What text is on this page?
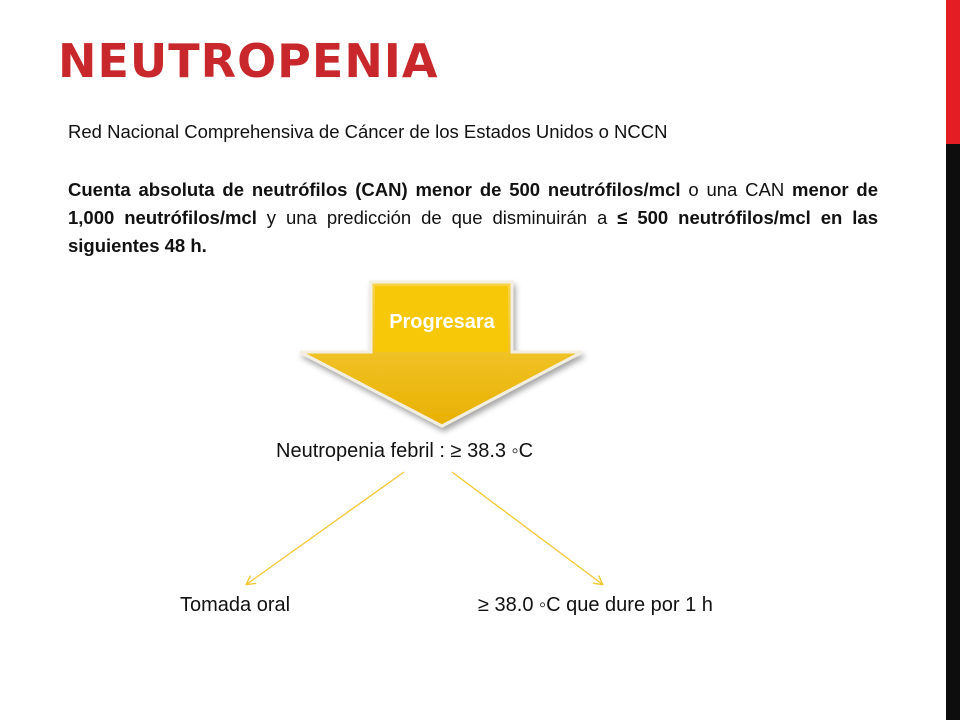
NEUTROPENIA

Red Nacional Comprehensiva de Cáncer de los Estados Unidos o NCCN

Cuenta absoluta de neutrófilos (CAN) menor de 500 neutrófilos/mcl o una CAN menor de 1,000 neutrófilos/mcl y una predicción de que disminuirán a ≤ 500 neutrófilos/mcl en las siguientes 48 h.

Progresara
Neutropenia febril : ≥ 38.3 ◦C
Tomada oral	≥ 38.0 ◦C que dure por 1 h
